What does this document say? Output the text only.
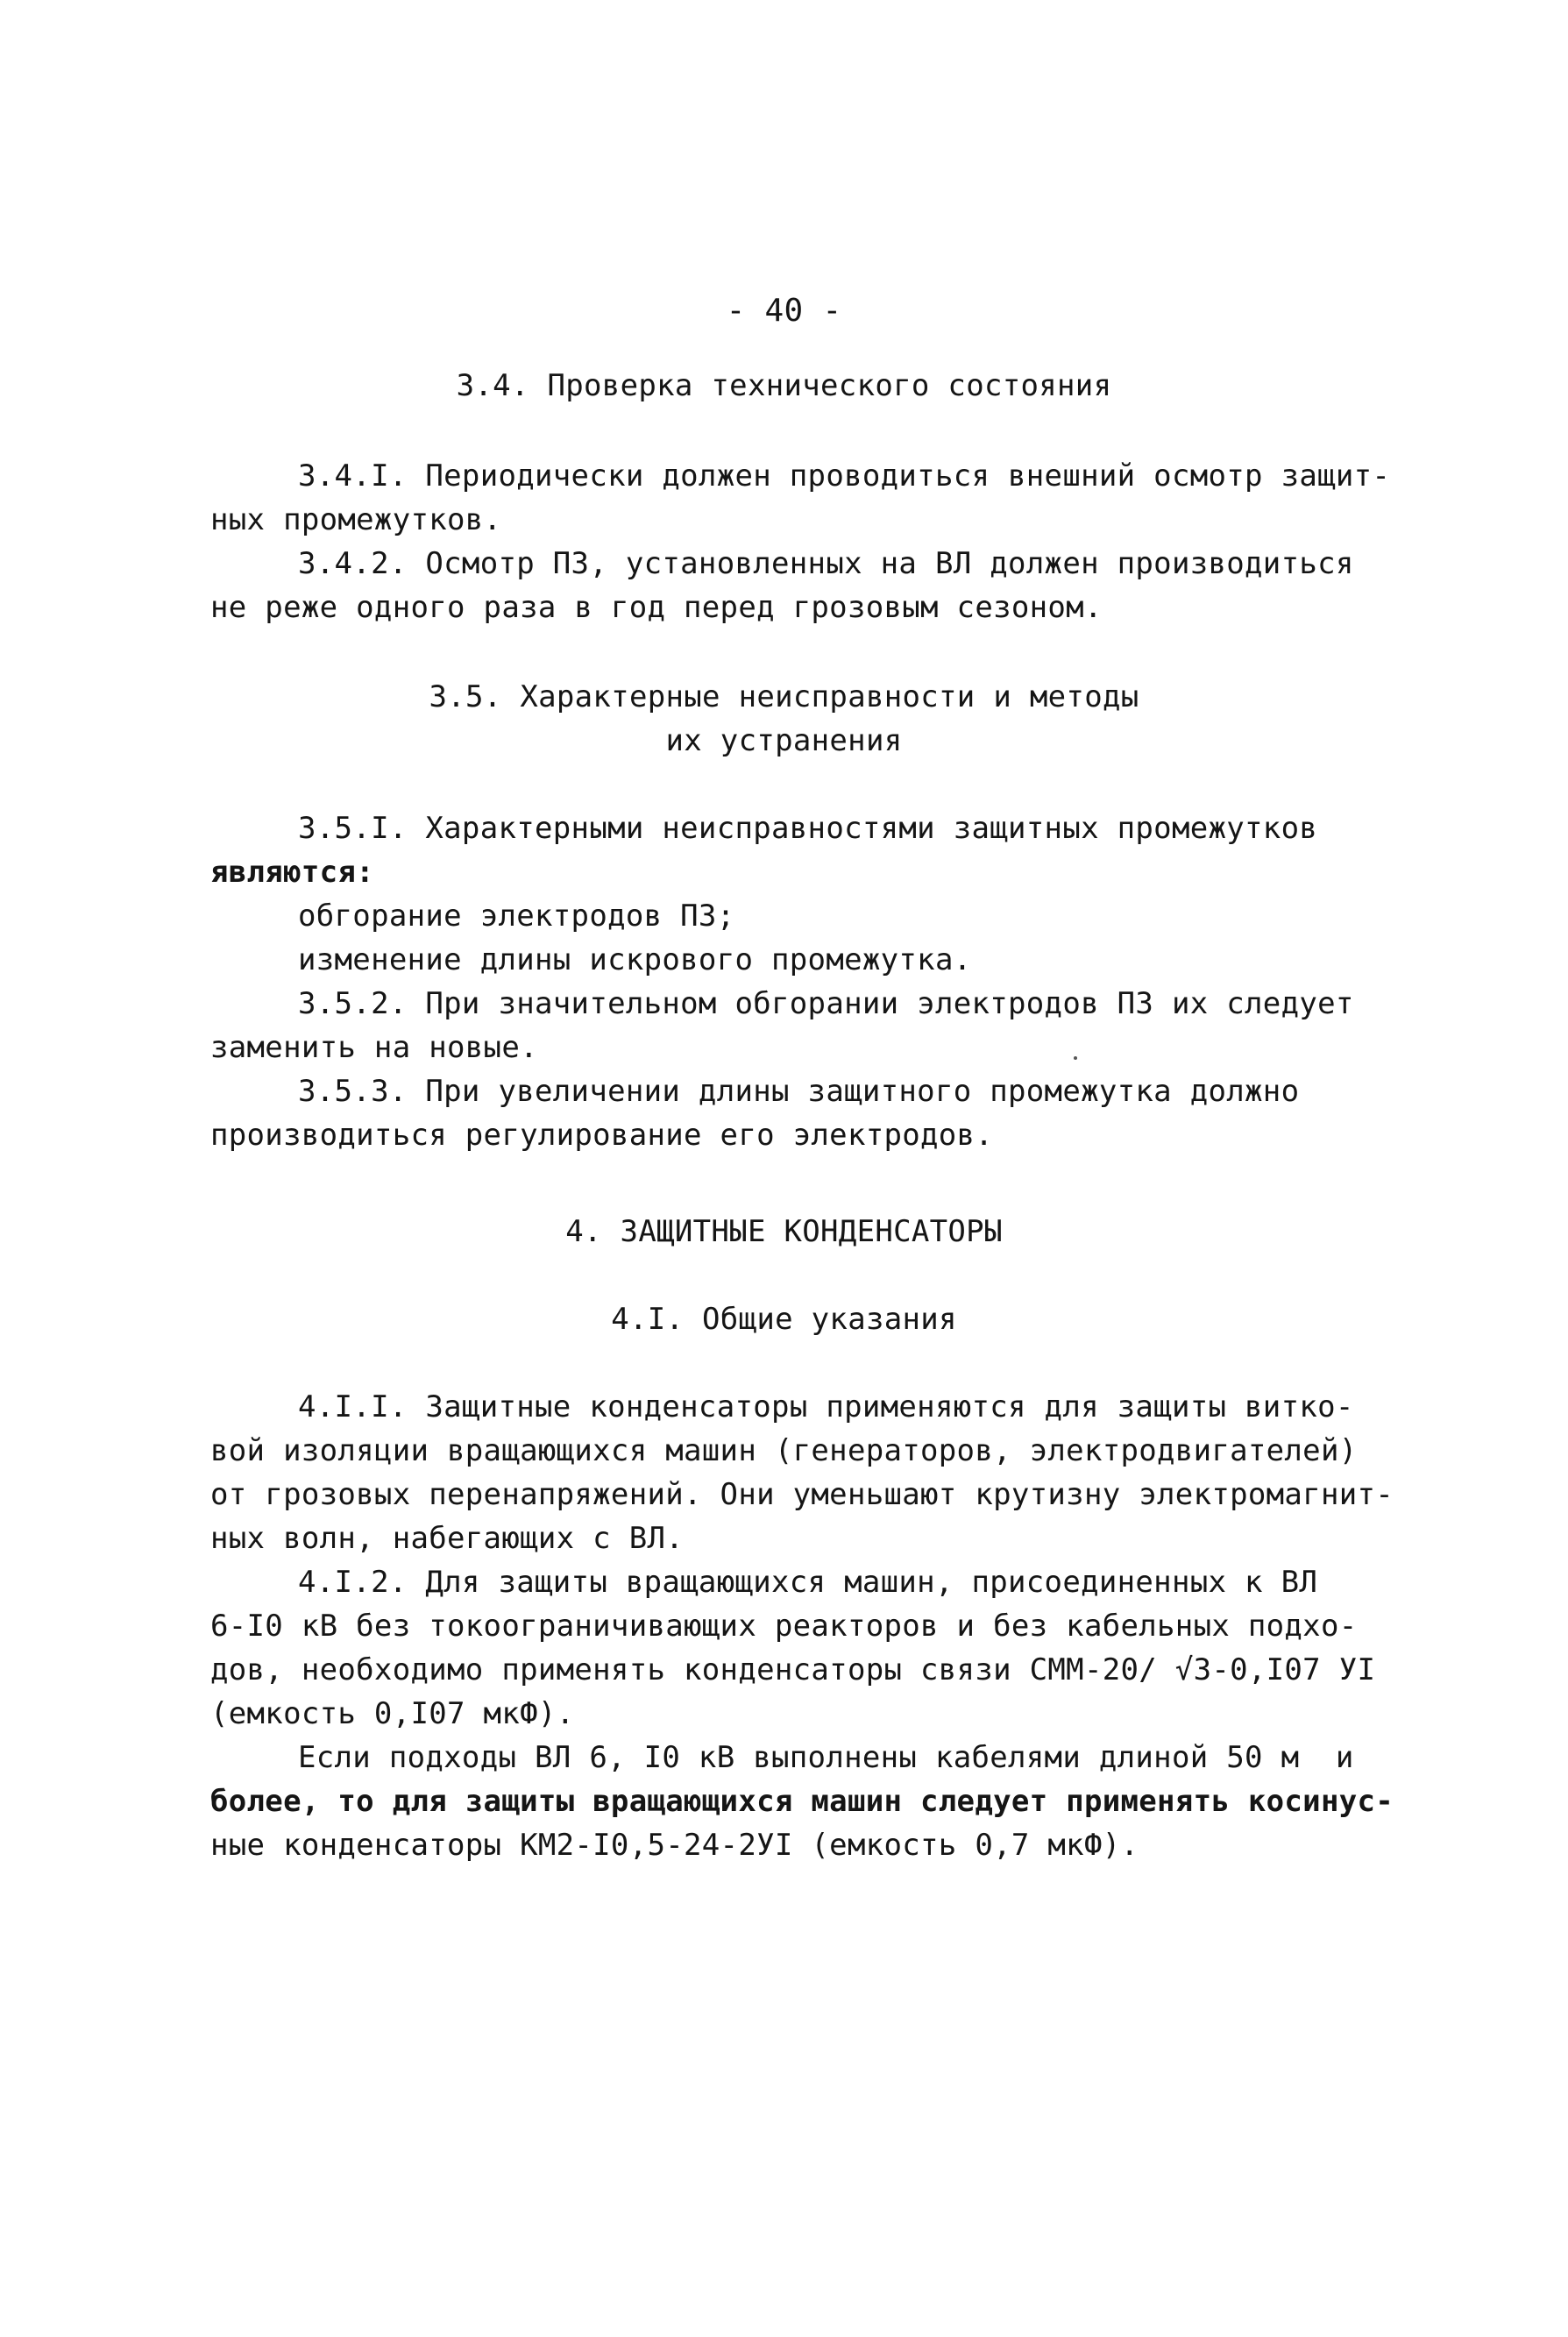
- 40 -
3.4. Проверка технического состояния
3.4.I. Периодически должен проводиться внешний осмотр защит-
ных промежутков.
3.4.2. Осмотр ПЗ, установленных на ВЛ должен производиться
не реже одного раза в год перед грозовым сезоном.
3.5. Характерные неисправности и методы
их устранения
3.5.I. Характерными неисправностями защитных промежутков
являются:
обгорание электродов ПЗ;
изменение длины искрового промежутка.
3.5.2. При значительном обгорании электродов ПЗ их следует
заменить на новые.
3.5.3. При увеличении длины защитного промежутка должно
производиться регулирование его электродов.
4. ЗАЩИТНЫЕ КОНДЕНСАТОРЫ
4.I. Общие указания
4.I.I. Защитные конденсаторы применяются для защиты витко-
вой изоляции вращающихся машин (генераторов, электродвигателей)
от грозовых перенапряжений. Они уменьшают крутизну электромагнит-
ных волн, набегающих с ВЛ.
4.I.2. Для защиты вращающихся машин, присоединенных к ВЛ
6-I0 кВ без токоограничивающих реакторов и без кабельных подхо-
дов, необходимо применять конденсаторы связи СММ-20/ √3-0,I07 УI
(емкость 0,I07 мкФ).
Если подходы ВЛ 6, I0 кВ выполнены кабелями длиной 50 м  и
более, то для защиты вращающихся машин следует применять косинус-
ные конденсаторы КМ2-I0,5-24-2УI (емкость 0,7 мкФ).
